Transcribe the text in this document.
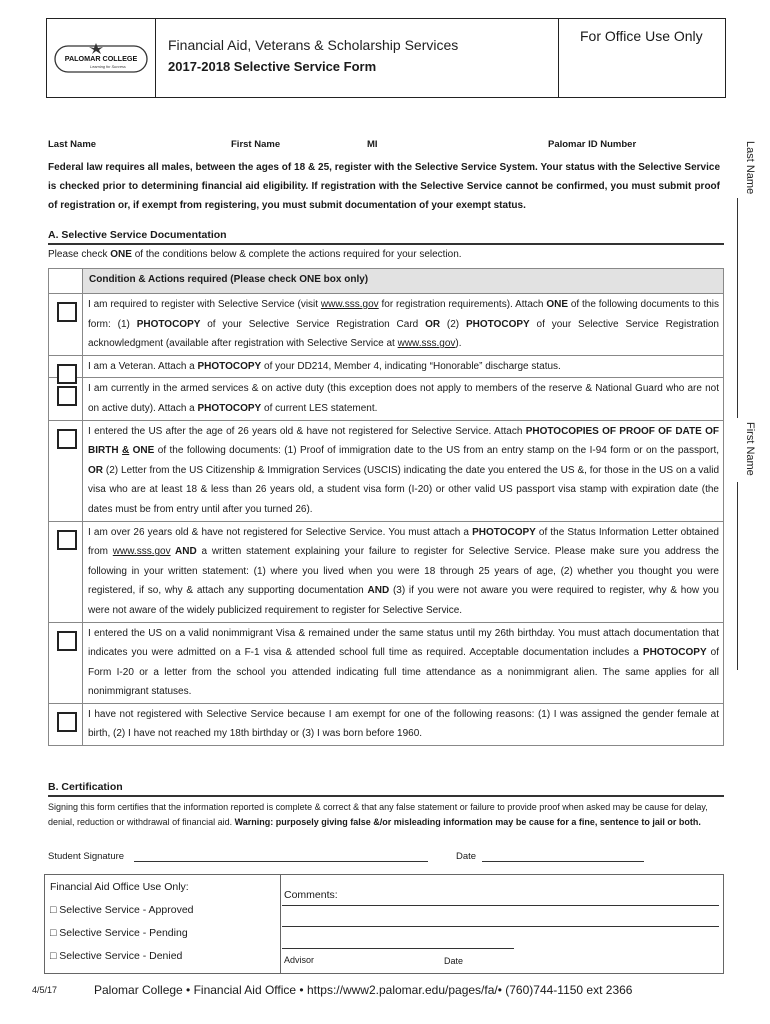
PALOMAR COLLEGE
Learning for Success
Financial Aid, Veterans & Scholarship Services
2017-2018 Selective Service Form
For Office Use Only
Last Name	First Name	MI	Palomar ID Number
Federal law requires all males, between the ages of 18 & 25, register with the Selective Service System. Your status with the Selective Service is checked prior to determining financial aid eligibility. If registration with the Selective Service cannot be confirmed, you must submit proof of registration or, if exempt from registering, you must submit documentation of your exempt status.
Last Name
First Name
A. Selective Service Documentation
Please check ONE of the conditions below & complete the actions required for your selection.
Condition & Actions required (Please check ONE box only)
I am required to register with Selective Service (visit www.sss.gov for registration requirements). Attach ONE of the following documents to this form: (1) PHOTOCOPY of your Selective Service Registration Card OR (2) PHOTOCOPY of your Selective Service Registration acknowledgment (available after registration with Selective Service at www.sss.gov).
I am a Veteran. Attach a PHOTOCOPY of your DD214, Member 4, indicating “Honorable” discharge status.
I am currently in the armed services & on active duty (this exception does not apply to members of the reserve & National Guard who are not on active duty). Attach a PHOTOCOPY of current LES statement.
I entered the US after the age of 26 years old & have not registered for Selective Service. Attach PHOTOCOPIES OF PROOF OF DATE OF BIRTH & ONE of the following documents: (1) Proof of immigration date to the US from an entry stamp on the I-94 form or on the passport, OR (2) Letter from the US Citizenship & Immigration Services (USCIS) indicating the date you entered the US &, for those in the US on a valid visa who are at least 18 & less than 26 years old, a student visa form (I-20) or other valid US passport visa stamp with expiration date (the dates must be from entry until after you turned 26).
I am over 26 years old & have not registered for Selective Service. You must attach a PHOTOCOPY of the Status Information Letter obtained from www.sss.gov AND a written statement explaining your failure to register for Selective Service. Please make sure you address the following in your written statement: (1) where you lived when you were 18 through 25 years of age, (2) whether you thought you were registered, if so, why & attach any supporting documentation AND (3) if you were not aware you were required to register, why & how you were not aware of the widely publicized requirement to register for Selective Service.
I entered the US on a valid nonimmigrant Visa & remained under the same status until my 26th birthday. You must attach documentation that indicates you were admitted on a F-1 visa & attended school full time as required. Acceptable documentation includes a PHOTOCOPY of Form I-20 or a letter from the school you attended indicating full time attendance as a nonimmigrant alien. The same applies for all nonimmigrant statuses.
I have not registered with Selective Service because I am exempt for one of the following reasons: (1) I was assigned the gender female at birth, (2) I have not reached my 18th birthday or (3) I was born before 1960.
B. Certification
Signing this form certifies that the information reported is complete & correct & that any false statement or failure to provide proof when asked may be cause for delay, denial, reduction or withdrawal of financial aid. Warning: purposely giving false &/or misleading information may be cause for a fine, sentence to jail or both.
Student Signature	Date
Financial Aid Office Use Only:
□ Selective Service - Approved
□ Selective Service - Pending
□ Selective Service - Denied
Comments:
Advisor	Date
4/5/17	Palomar College • Financial Aid Office • https://www2.palomar.edu/pages/fa/• (760)744-1150 ext 2366
